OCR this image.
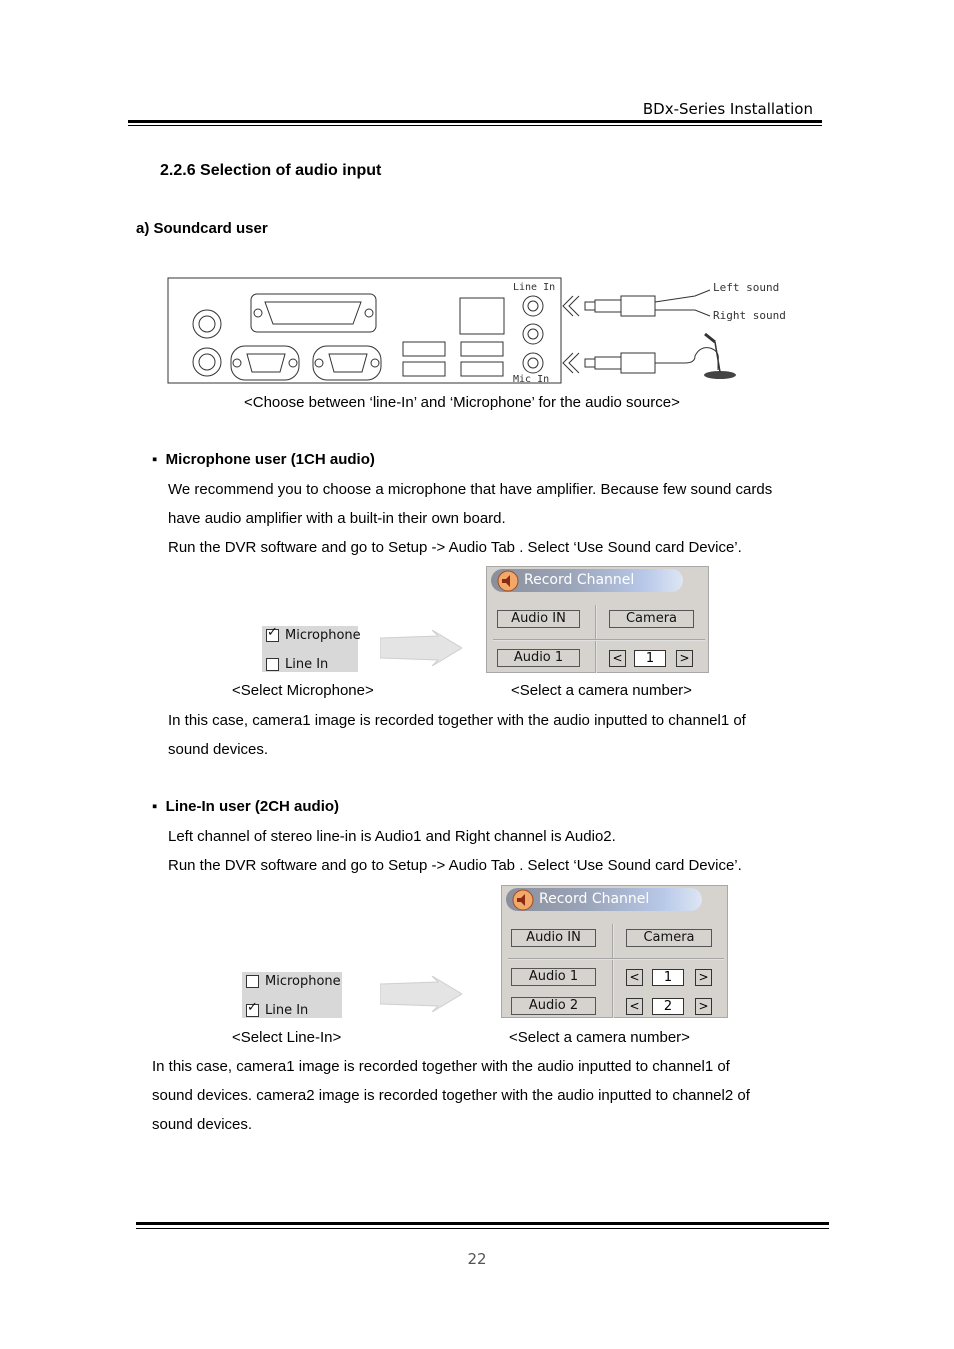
BDx-Series Installation
2.2.6 Selection of audio input
a) Soundcard user
Line In
Mic In
Left sound
Right sound
<Choose between ‘line-In’ and ‘Microphone’ for the audio source>
▪ Microphone user (1CH audio)
We recommend you to choose a microphone that have amplifier. Because few sound cards
have audio amplifier with a built-in their own board.
Run the DVR software and go to Setup -> Audio Tab . Select ‘Use Sound card Device’.
✓ Microphone
Line In
Record Channel
Audio IN	Camera
Audio 1	<	1	>
<Select Microphone>	<Select a camera number>
In this case, camera1 image is recorded together with the audio inputted to channel1 of
sound devices.
▪ Line-In user (2CH audio)
Left channel of stereo line-in is Audio1 and Right channel is Audio2.
Run the DVR software and go to Setup -> Audio Tab . Select ‘Use Sound card Device’.
Microphone
✓ Line In
Record Channel
Audio IN	Camera
Audio 1	<	1	>
Audio 2	<	2	>
<Select Line-In>	<Select a camera number>
In this case, camera1 image is recorded together with the audio inputted to channel1 of
sound devices. camera2 image is recorded together with the audio inputted to channel2 of
sound devices.
22
